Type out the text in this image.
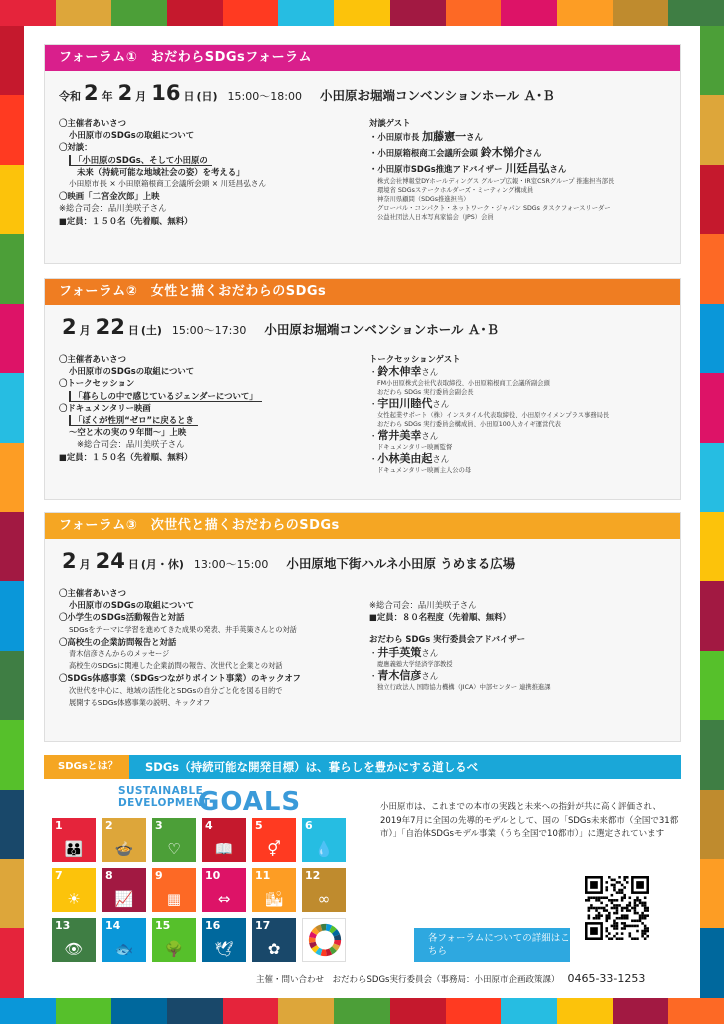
フォーラム①　おだわらSDGsフォーラム
令和 2 年 2 月 16 日 (日) 15:00～18:00 小田原お堀端コンベンションホール Ａ･Ｂ
〇主催者あいさつ
小田原市のSDGsの取組について
〇対談：
「小田原のSDGs、そして小田原の
未来（持続可能な地域社会の姿）を考える」
小田原市長 × 小田原箱根商工会議所会頭 × 川廷昌弘さん
〇映画「二宮金次郎」上映
※総合司会：品川美咲子さん
■定員：１５０名（先着順、無料）
対談ゲスト
・小田原市長 加藤憲一さん
・小田原箱根商工会議所会頭 鈴木悌介さん
・小田原市SDGs推進アドバイザー 川廷昌弘さん
株式会社博報堂DYホールディングス グループ広報・IR室CSRグループ 推進担当部長
環境省 SDGsステークホルダーズ・ミーティング構成員
神奈川県顧問（SDGs推進担当）
グローバル・コンパクト・ネットワーク・ジャパン SDGs タスクフォースリーダー
公益社団法人日本写真家協会（JPS）会員
フォーラム②　女性と描くおだわらのSDGs
2 月 22 日 (土) 15:00～17:30 小田原お堀端コンベンションホール Ａ･Ｂ
〇主催者あいさつ
小田原市のSDGsの取組について
〇トークセッション
「暮らしの中で感じているジェンダーについて」
〇ドキュメンタリー映画
「ぼくが性別“ゼロ”に戻るとき
～空と木の実の９年間～」上映
※総合司会：品川美咲子さん
■定員：１５０名（先着順、無料）
トークセッションゲスト
・鈴木伸幸さん
FM小田原株式会社代表取締役、小田原箱根商工会議所副会頭
おだわら SDGs 実行委員会副会長
・宇田川睦代さん
女性起業サポート（株）インスタイル代表取締役、小田原ウイメンプラス事務局長
おだわら SDGs 実行委員会構成員、小田原100人カイギ運営代表
・常井美幸さん
ドキュメンタリー映画監督
・小林美由起さん
ドキュメンタリー映画主人公の母
フォーラム③　次世代と描くおだわらのSDGs
2 月 24 日 (月・休) 13:00～15:00 小田原地下街ハルネ小田原 うめまる広場
〇主催者あいさつ
小田原市のSDGsの取組について
〇小学生のSDGs活動報告と対話
SDGsをテーマに学習を進めてきた成果の発表、井手英策さんとの対話
〇高校生の企業訪問報告と対話
青木信彦さんからのメッセージ
高校生のSDGsに関連した企業訪問の報告、次世代と企業との対話
〇SDGs体感事業（SDGsつながりポイント事業）のキックオフ
次世代を中心に、地域の活性化とSDGsの自分ごと化を図る目的で
展開するSDGs体感事業の説明、キックオフ
※総合司会：品川美咲子さん
■定員：８０名程度（先着順、無料）
おだわら SDGs 実行委員会アドバイザー
・井手英策さん
慶應義塾大学経済学部教授
・青木信彦さん
独立行政法人 国際協力機構（JICA）中部センター 連携推進課
SDGsとは？	SDGs（持続可能な開発目標）は、暮らしを豊かにする道しるべ
SUSTAINABLE
DEVELOPMENT
GOALS
1
👪
2
🍲
3
♡
4
📖
5
⚥
6
💧
7
☀
8
📈
9
▦
10
⇔
11
🏙
12
∞
13
👁
14
🐟
15
🌳
16
🕊
17
✿
小田原市は、これまでの本市の実践と未来への指針が共に高く評価され、2019年7月に全国の先導的モデルとして、国の「SDGs未来都市（全国で31都市）」「自治体SDGsモデル事業（うち全国で10都市）」に選定されています
各フォーラムについての詳細はこちら
主催・問い合わせ　おだわらSDGs実行委員会（事務局：小田原市企画政策課） 0465-33-1253
